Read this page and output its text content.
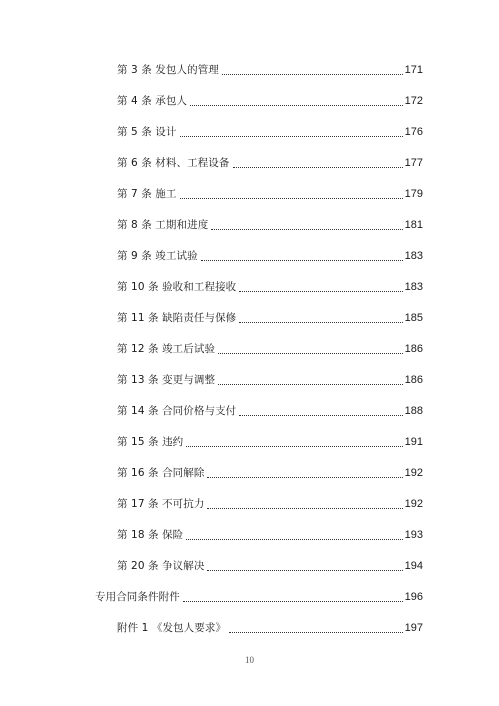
第 3 条 发包人的管理	171
第 4 条 承包人	172
第 5 条 设计	176
第 6 条 材料、工程设备	177
第 7 条 施工	179
第 8 条 工期和进度	181
第 9 条 竣工试验	183
第 10 条 验收和工程接收	183
第 11 条 缺陷责任与保修	185
第 12 条 竣工后试验	186
第 13 条 变更与调整	186
第 14 条 合同价格与支付	188
第 15 条 违约	191
第 16 条 合同解除	192
第 17 条 不可抗力	192
第 18 条 保险	193
第 20 条 争议解决	194
专用合同条件附件	196
附件 1 《发包人要求》	197
10
